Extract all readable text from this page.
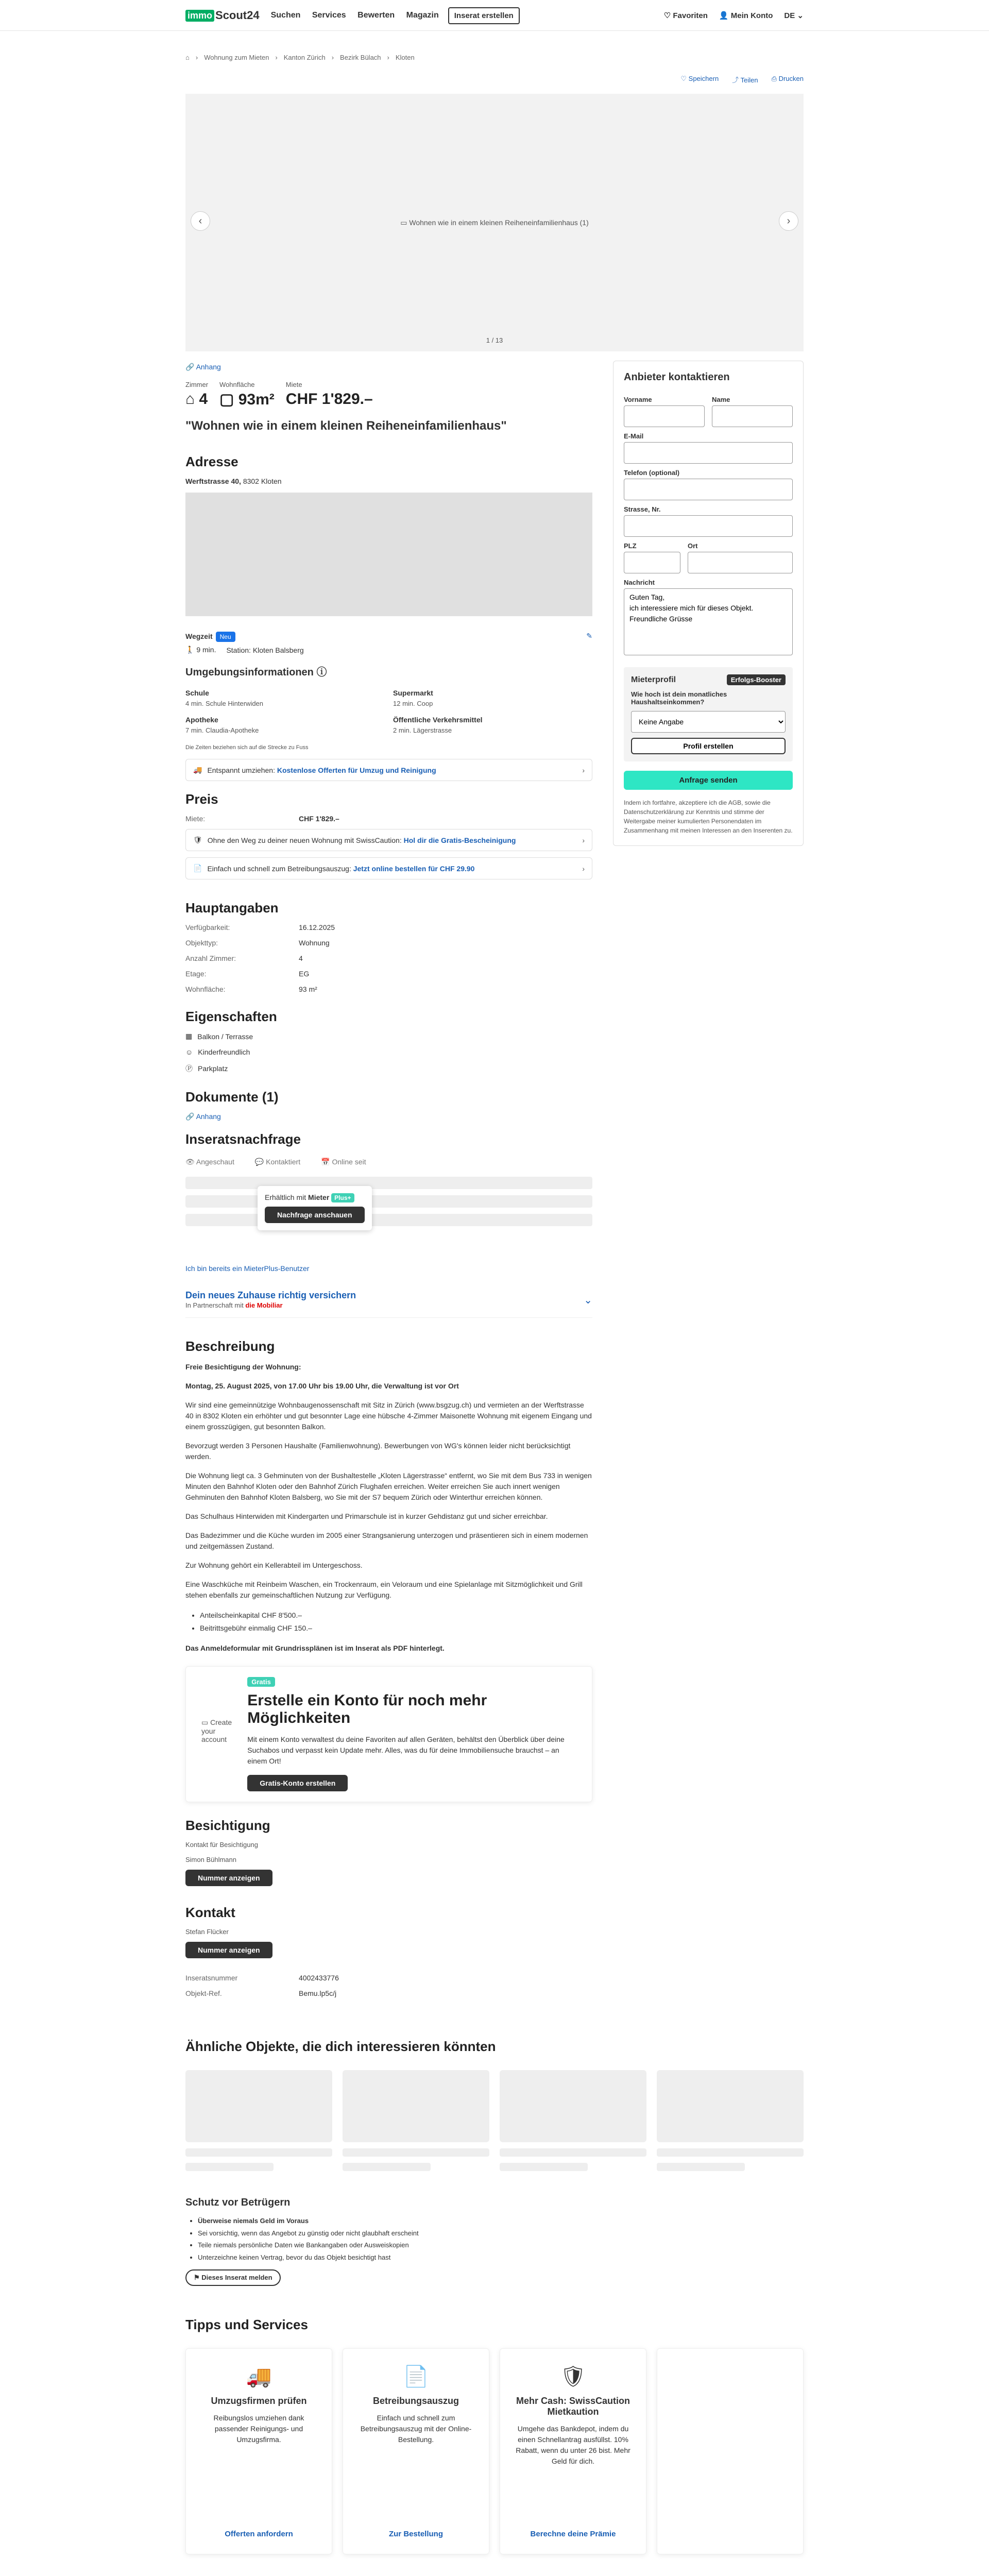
immo Scout24 Suchen Services Bewerten Magazin	Inserat erstellen	♡ Favoriten 👤 Mein Konto DE ⌄
⌂ › Wohnung zum Mieten › Kanton Zürich › Bezirk Bülach › Kloten
♡ Speichern ⤴ Teilen ⎙ Drucken
‹	▭ Wohnen wie in einem kleinen Reiheneinfamilienhaus (1)	›
1 / 13
🔗 Anhang
Zimmer
⌂ 4
Wohnfläche
▢ 93m²
Miete
CHF 1'829.–
"Wohnen wie in einem kleinen Reiheneinfamilienhaus"
Adresse
Werftstrasse 40, 8302 Kloten
Wegzeit Neu	✎
🚶 9 min. Station: Kloten Balsberg
Umgebungsinformationen ⓘ
Schule
4 min. Schule Hinterwiden
Supermarkt
12 min. Coop
Apotheke
7 min. Claudia-Apotheke
Öffentliche Verkehrsmittel
2 min. Lägerstrasse
Die Zeiten beziehen sich auf die Strecke zu Fuss
🚚 Entspannt umziehen: Kostenlose Offerten für Umzug und Reinigung	›
Preis
Miete:	CHF 1'829.–
🛡 Ohne den Weg zu deiner neuen Wohnung mit SwissCaution: Hol dir die Gratis-Bescheinigung	›
📄 Einfach und schnell zum Betreibungsauszug: Jetzt online bestellen für CHF 29.90	›
Hauptangaben
Verfügbarkeit:	16.12.2025
Objekttyp:	Wohnung
Anzahl Zimmer:	4
Etage:	EG
Wohnfläche:	93 m²
Eigenschaften
▦ Balkon / Terrasse
☺ Kinderfreundlich
Ⓟ Parkplatz
Dokumente (1)
🔗 Anhang
Inseratsnachfrage
👁 Angeschaut	💬 Kontaktiert	📅 Online seit
Erhältlich mit Mieter Plus+
Nachfrage anschauen
Ich bin bereits ein MieterPlus-Benutzer
Dein neues Zuhause richtig versichern
In Partnerschaft mit die Mobiliar	⌄
Beschreibung

Freie Besichtigung der Wohnung:

Montag, 25. August 2025, von 17.00 Uhr bis 19.00 Uhr, die Verwaltung ist vor Ort

Wir sind eine gemeinnützige Wohnbaugenossenschaft mit Sitz in Zürich (www.bsgzug.ch) und vermieten an der Werftstrasse 40 in 8302 Kloten ein erhöhter und gut besonnter Lage eine hübsche 4-Zimmer Maisonette Wohnung mit eigenem Eingang und einem grosszügigen, gut besonnten Balkon.

Bevorzugt werden 3 Personen Haushalte (Familienwohnung). Bewerbungen von WG's können leider nicht berücksichtigt werden.

Die Wohnung liegt ca. 3 Gehminuten von der Bushaltestelle „Kloten Lägerstrasse“ entfernt, wo Sie mit dem Bus 733 in wenigen Minuten den Bahnhof Kloten oder den Bahnhof Zürich Flughafen erreichen. Weiter erreichen Sie auch innert wenigen Gehminuten den Bahnhof Kloten Balsberg, wo Sie mit der S7 bequem Zürich oder Winterthur erreichen können.

Das Schulhaus Hinterwiden mit Kindergarten und Primarschule ist in kurzer Gehdistanz gut und sicher erreichbar.

Das Badezimmer und die Küche wurden im 2005 einer Strangsanierung unterzogen und präsentieren sich in einem modernen und zeitgemässen Zustand.

Zur Wohnung gehört ein Kellerabteil im Untergeschoss.

Eine Waschküche mit Reinbeim Waschen, ein Trockenraum, ein Veloraum und eine Spielanlage mit Sitzmöglichkeit und Grill stehen ebenfalls zur gemeinschaftlichen Nutzung zur Verfügung.

• Anteilscheinkapital CHF 8'500.–
• Beitrittsgebühr einmalig CHF 150.–

Das Anmeldeformular mit Grundrissplänen ist im Inserat als PDF hinterlegt.

▭ Create your account
Gratis
Erstelle ein Konto für noch mehr Möglichkeiten

Mit einem Konto verwaltest du deine Favoriten auf allen Geräten, behältst den Überblick über deine Suchabos und verpasst kein Update mehr. Alles, was du für deine Immobiliensuche brauchst – an einem Ort!

Gratis-Konto erstellen
Besichtigung
Kontakt für Besichtigung
Simon Bühlmann
Nummer anzeigen
Kontakt
Stefan Flücker
Nummer anzeigen
Inseratsnummer	4002433776
Objekt-Ref.	Bemu.lp5c/j
Anbieter kontaktieren
Vorname	Name
E-Mail
Telefon (optional)
Strasse, Nr.
PLZ	Ort
Nachricht
Guten Tag, ich interessiere mich für dieses Objekt. Freundliche Grüsse
Mieterprofil	Erfolgs-Booster
Wie hoch ist dein monatliches Haushaltseinkommen?
Keine Angabe Profil erstellen
Anfrage senden
Indem ich fortfahre, akzeptiere ich die AGB, sowie die Datenschutzerklärung zur Kenntnis und stimme der Weitergabe meiner kumulierten Personendaten im Zusammenhang mit meinen Interessen an den Inserenten zu.
Ähnliche Objekte, die dich interessieren könnten
Schutz vor Betrügern
• Überweise niemals Geld im Voraus
• Sei vorsichtig, wenn das Angebot zu günstig oder nicht glaubhaft erscheint
• Teile niemals persönliche Daten wie Bankangaben oder Ausweiskopien
• Unterzeichne keinen Vertrag, bevor du das Objekt besichtigt hast
⚑ Dieses Inserat melden
Tipps und Services
🚚
Umzugsfirmen prüfen

Reibungslos umziehen dank passender Reinigungs- und Umzugsfirma.

Offerten anfordern
📄
Betreibungsauszug

Einfach und schnell zum Betreibungsauszug mit der Online-Bestellung.

Zur Bestellung
🛡
Mehr Cash: SwissCaution Mietkaution

Umgehe das Bankdepot, indem du einen Schnellantrag ausfüllst. 10% Rabatt, wenn du unter 26 bist. Mehr Geld für dich.

Berechne deine Prämie
